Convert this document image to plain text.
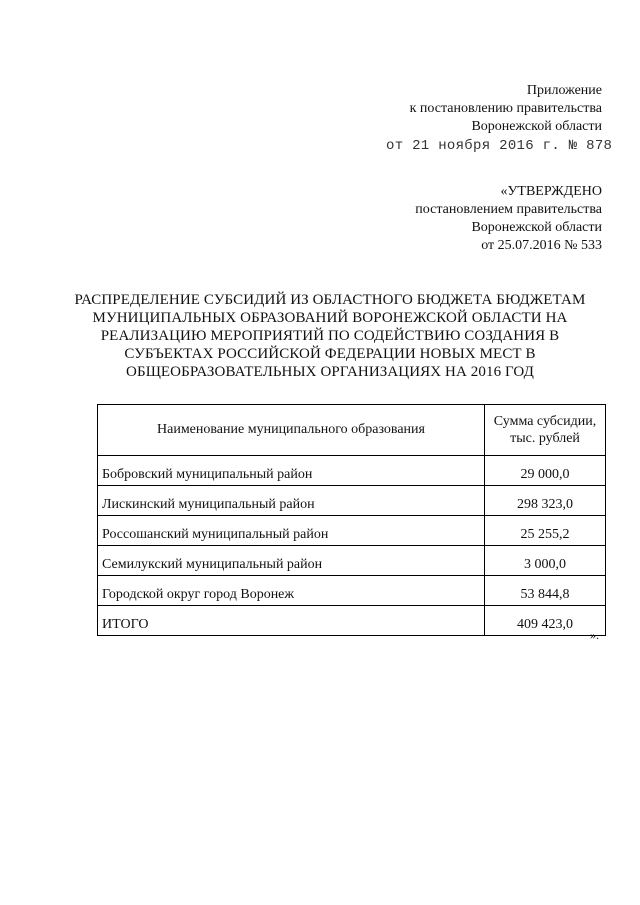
Приложение
к постановлению правительства
Воронежской области
от 21 ноября 2016 г. № 878
«УТВЕРЖДЕНО
постановлением правительства
Воронежской области
от 25.07.2016 № 533
РАСПРЕДЕЛЕНИЕ СУБСИДИЙ ИЗ ОБЛАСТНОГО БЮДЖЕТА БЮДЖЕТАМ
МУНИЦИПАЛЬНЫХ ОБРАЗОВАНИЙ ВОРОНЕЖСКОЙ ОБЛАСТИ НА
РЕАЛИЗАЦИЮ МЕРОПРИЯТИЙ ПО СОДЕЙСТВИЮ СОЗДАНИЯ В
СУБЪЕКТАХ РОССИЙСКОЙ ФЕДЕРАЦИИ НОВЫХ МЕСТ В
ОБЩЕОБРАЗОВАТЕЛЬНЫХ ОРГАНИЗАЦИЯХ НА 2016 ГОД
Наименование муниципального образования	Сумма субсидии,
тыс. рублей

Бобровский муниципальный район	29 000,0
Лискинский муниципальный район	298 323,0
Россошанский муниципальный район	25 255,2
Семилукский муниципальный район	3 000,0
Городской округ город Воронеж	53 844,8
ИТОГО	409 423,0
».
